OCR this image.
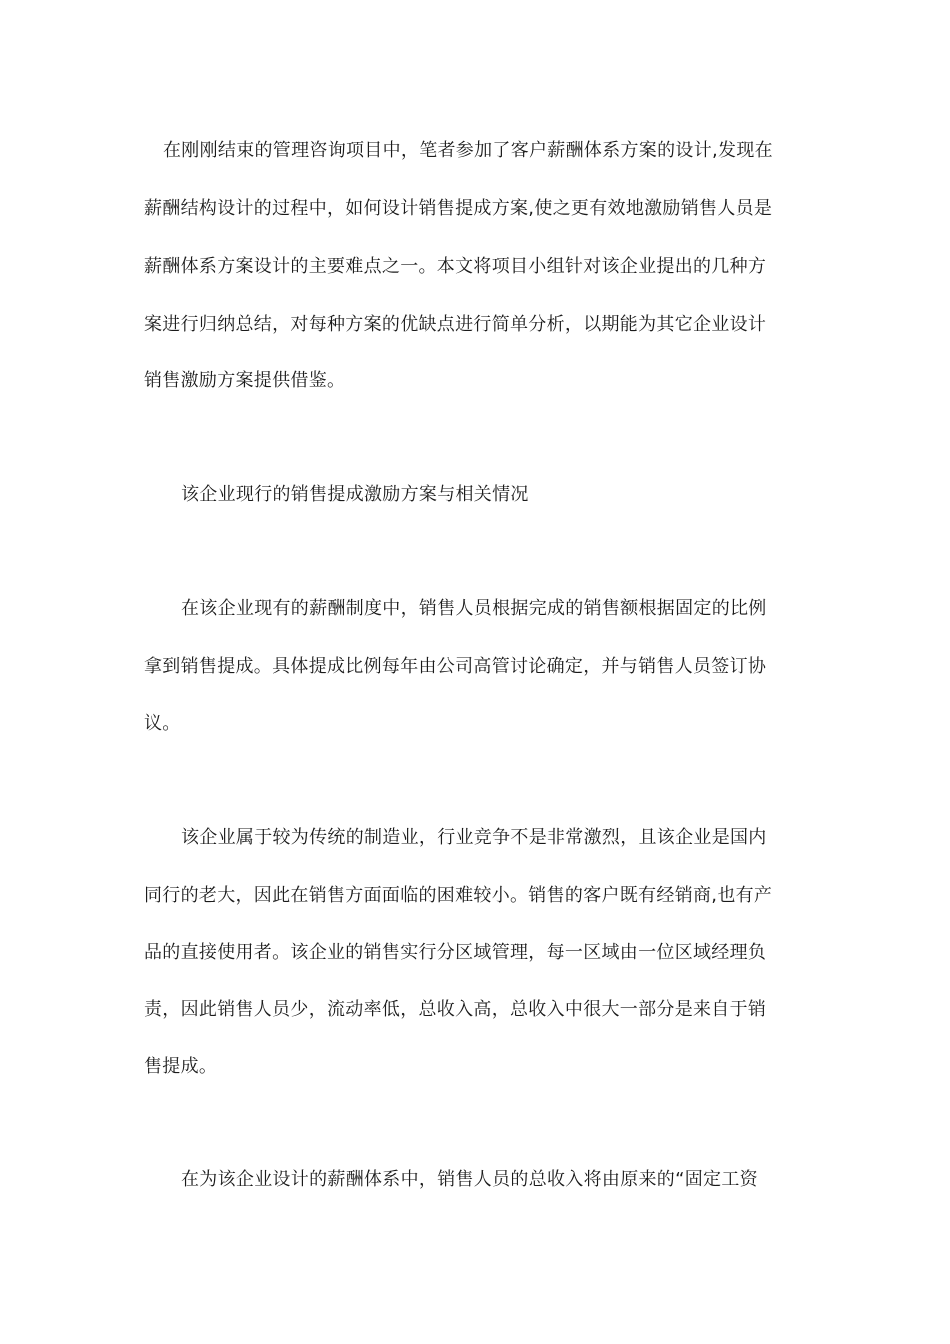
在刚刚结束的管理咨询项目中，笔者参加了客户薪酬体系方案的设计,发现在
薪酬结构设计的过程中，如何设计销售提成方案,使之更有效地激励销售人员是
薪酬体系方案设计的主要难点之一。本文将项目小组针对该企业提出的几种方
案进行归纳总结，对每种方案的优缺点进行简单分析，以期能为其它企业设计
销售激励方案提供借鉴。
该企业现行的销售提成激励方案与相关情况
在该企业现有的薪酬制度中，销售人员根据完成的销售额根据固定的比例
拿到销售提成。具体提成比例每年由公司高管讨论确定，并与销售人员签订协
议。
该企业属于较为传统的制造业，行业竞争不是非常激烈，且该企业是国内
同行的老大，因此在销售方面面临的困难较小。销售的客户既有经销商,也有产
品的直接使用者。该企业的销售实行分区域管理，每一区域由一位区域经理负
责，因此销售人员少，流动率低，总收入高，总收入中很大一部分是来自于销
售提成。
在为该企业设计的薪酬体系中，销售人员的总收入将由原来的“固定工资
